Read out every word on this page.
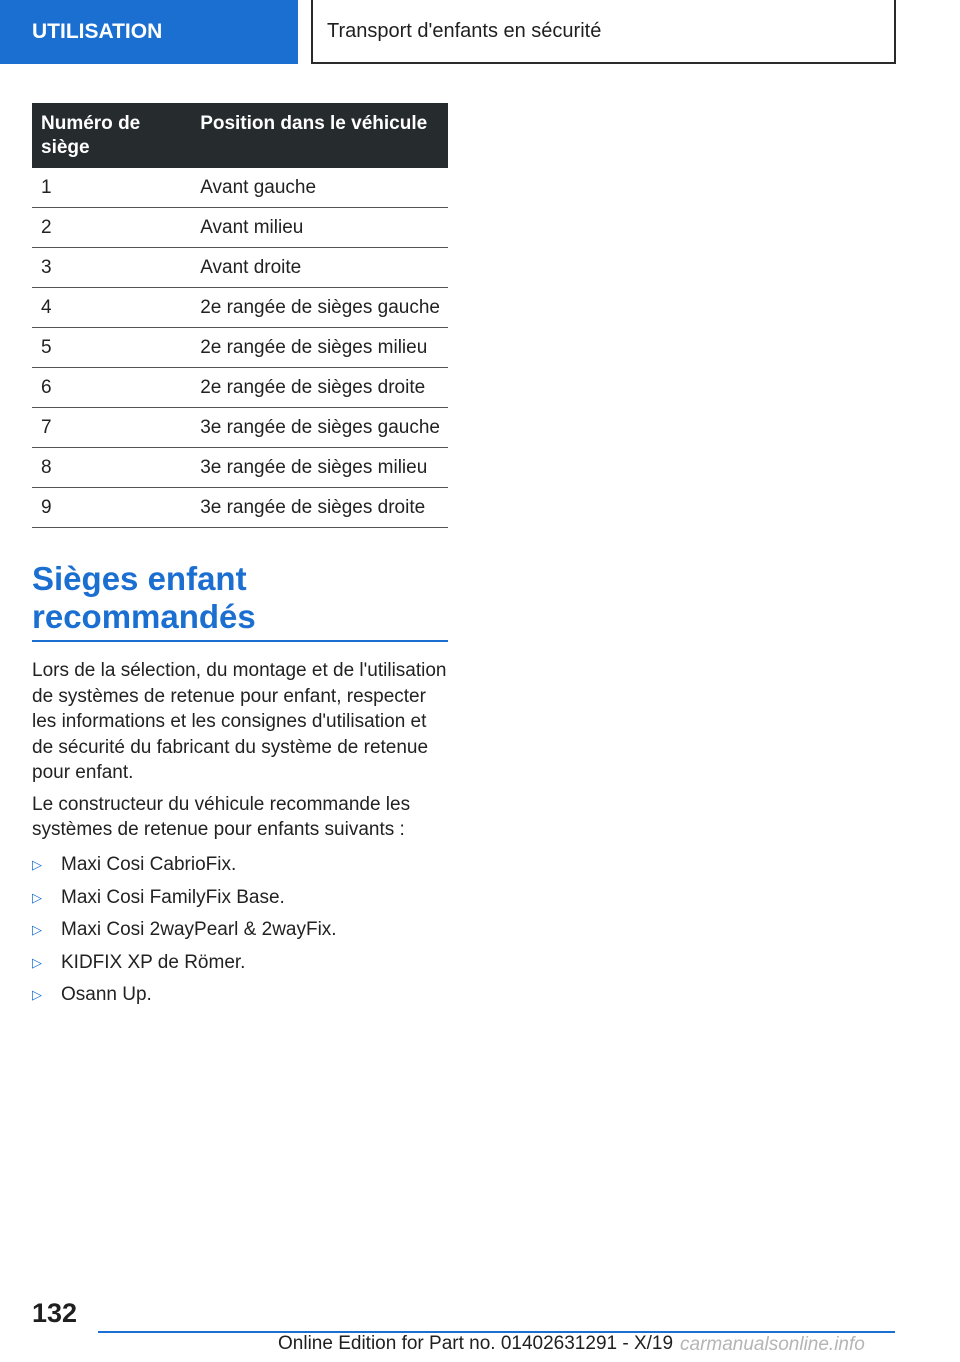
UTILISATION	Transport d'enfants en sécurité
Numéro de siège	Position dans le véhicule
1	Avant gauche
2	Avant milieu
3	Avant droite
4	2e rangée de sièges gauche
5	2e rangée de sièges milieu
6	2e rangée de sièges droite
7	3e rangée de sièges gauche
8	3e rangée de sièges milieu
9	3e rangée de sièges droite
Sièges enfant recommandés

Lors de la sélection, du montage et de l'utilisation de systèmes de retenue pour enfant, respecter les informations et les consignes d'utilisation et de sécurité du fabricant du système de retenue pour enfant.

Le constructeur du véhicule recommande les systèmes de retenue pour enfants suivants :

▷	Maxi Cosi CabrioFix.
▷	Maxi Cosi FamilyFix Base.
▷	Maxi Cosi 2wayPearl & 2wayFix.
▷	KIDFIX XP de Römer.
▷	Osann Up.
132
Online Edition for Part no. 01402631291 - X/19 carmanualsonline.info
